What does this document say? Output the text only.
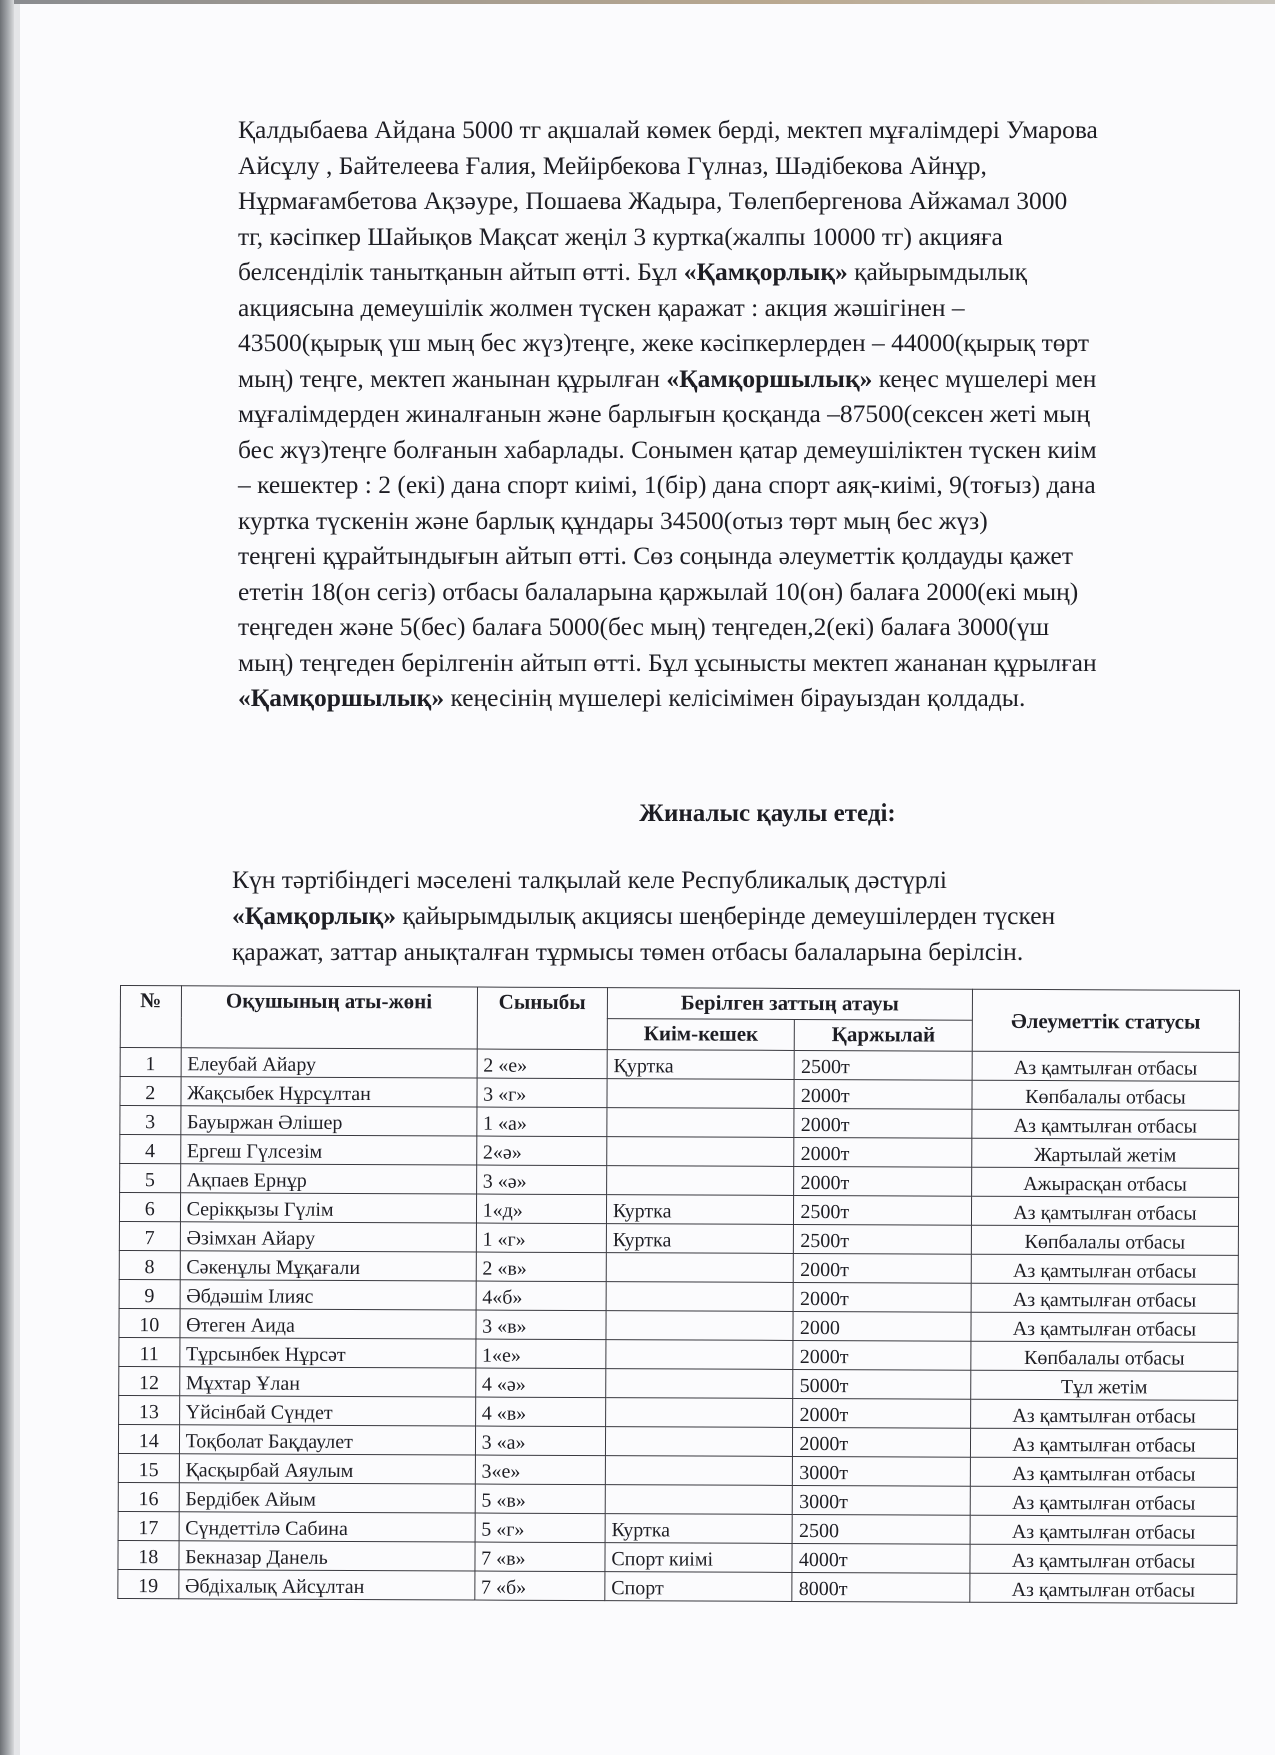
Қалдыбаева Айдана 5000 тг ақшалай көмек берді, мектеп мұғалімдері Умарова
Айсұлу , Байтелеева Ғалия, Мейірбекова Гүлназ, Шәдібекова Айнұр,
Нұрмағамбетова Ақзәуре, Пошаева Жадыра, Төлепбергенова Айжамал 3000
тг, кәсіпкер Шайықов Мақсат жеңіл 3 куртка(жалпы 10000 тг) акцияға
белсенділік танытқанын айтып өтті. Бұл «Қамқорлық» қайырымдылық
акциясына демеушілік жолмен түскен қаражат : акция жәшігінен –
43500(қырық үш мың бес жүз)теңге, жеке кәсіпкерлерден – 44000(қырық төрт
мың) теңге, мектеп жанынан құрылған «Қамқоршылық» кеңес мүшелері мен
мұғалімдерден жиналғанын және барлығын қосқанда –87500(сексен жеті мың
бес жүз)теңге болғанын хабарлады. Сонымен қатар демеушіліктен түскен киім
– кешектер : 2 (екі) дана спорт киімі, 1(бір) дана спорт аяқ-киімі, 9(тоғыз) дана
куртка түскенін және барлық құндары 34500(отыз төрт мың бес жүз)
теңгені құрайтындығын айтып өтті. Сөз соңында әлеуметтік қолдауды қажет
ететін 18(он сегіз) отбасы балаларына қаржылай 10(он) балаға 2000(екі мың)
теңгеден және 5(бес) балаға 5000(бес мың) теңгеден,2(екі) балаға 3000(үш
мың) теңгеден берілгенін айтып өтті. Бұл ұсынысты мектеп жананан құрылған
«Қамқоршылық» кеңесінің мүшелері келісімімен бірауыздан қолдады.

Жиналыс қаулы етеді:

Күн тәртібіндегі мәселені талқылай келе Республикалық дәстүрлі
«Қамқорлық» қайырымдылық акциясы шеңберінде демеушілерден түскен
қаражат, заттар анықталған тұрмысы төмен отбасы балаларына берілсін.

№	Оқушының аты-жөні	Сыныбы	Берілген заттың атауы		Әлеуметтік статусы
			Киім-кешек	Қаржылай	
1	Елеубай Айару	2 «е»	Қуртка	2500т	Аз қамтылған отбасы
2	Жақсыбек Нұрсұлтан	3 «г»		2000т	Көпбалалы отбасы
3	Бауыржан Әлішер	1 «а»		2000т	Аз қамтылған отбасы
4	Ергеш Гүлсезім	2«ә»		2000т	Жартылай жетім
5	Ақпаев Ернұр	3 «ә»		2000т	Ажырасқан отбасы
6	Серікқызы Гүлім	1«д»	Куртка	2500т	Аз қамтылған отбасы
7	Әзімхан Айару	1 «г»	Куртка	2500т	Көпбалалы отбасы
8	Сәкенұлы Мұқағали	2 «в»		2000т	Аз қамтылған отбасы
9	Әбдәшім Ілияс	4«б»		2000т	Аз қамтылған отбасы
10	Өтеген Аида	3 «в»		2000	Аз қамтылған отбасы
11	Тұрсынбек Нұрсәт	1«е»		2000т	Көпбалалы отбасы
12	Мұхтар Ұлан	4 «ә»		5000т	Тұл жетім
13	Үйсінбай Сүндет	4 «в»		2000т	Аз қамтылған отбасы
14	Тоқболат Бақдаулет	3 «а»		2000т	Аз қамтылған отбасы
15	Қасқырбай Аяулым	3«е»		3000т	Аз қамтылған отбасы
16	Бердібек Айым	5 «в»		3000т	Аз қамтылған отбасы
17	Сүндеттілә Сабина	5 «г»	Куртка	2500	Аз қамтылған отбасы
18	Бекназар Данель	7 «в»	Спорт киімі	4000т	Аз қамтылған отбасы
19	Әбдіхалық Айсұлтан	7 «б»	Спорт	8000т	Аз қамтылған отбасы
